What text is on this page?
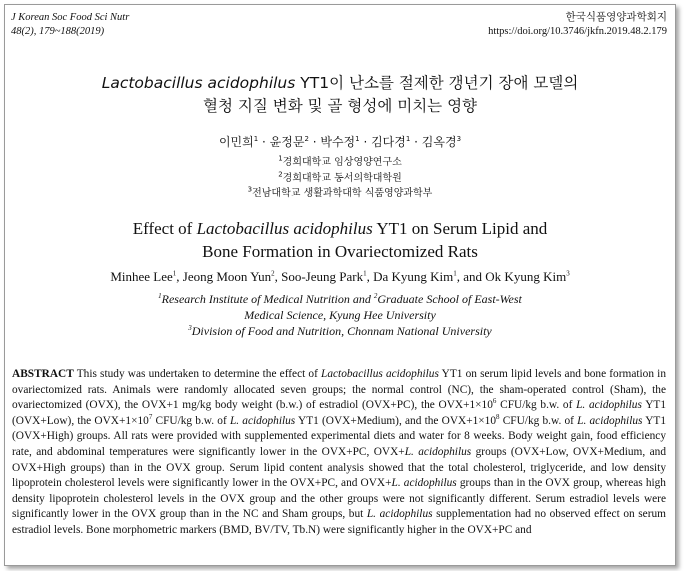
J Korean Soc Food Sci Nutr
48(2), 179~188(2019)
한국식품영양과학회지
https://doi.org/10.3746/jkfn.2019.48.2.179
Lactobacillus acidophilus YT1이 난소를 절제한 갱년기 장애 모델의
혈청 지질 변화 및 골 형성에 미치는 영향
이민희$^1$ · 윤정문$^2$ · 박수정$^1$ · 김다경$^1$ · 김옥경$^3$
$^1$경희대학교 임상영양연구소
$^2$경희대학교 동서의학대학원
$^3$전남대학교 생활과학대학 식품영양과학부
Effect of Lactobacillus acidophilus YT1 on Serum Lipid and
Bone Formation in Ovariectomized Rats
Minhee Lee$^1$, Jeong Moon Yun$^2$, Soo-Jeung Park$^1$, Da Kyung Kim$^1$, and Ok Kyung Kim$^3$
$^1$Research Institute of Medical Nutrition and $^2$Graduate School of East-West
Medical Science, Kyung Hee University
$^3$Division of Food and Nutrition, Chonnam National University
ABSTRACT This study was undertaken to determine the effect of Lactobacillus acidophilus YT1 on serum lipid levels and bone formation in ovariectomized rats. Animals were randomly allocated seven groups; the normal control (NC), the sham-operated control (Sham), the ovariectomized (OVX), the OVX+1 mg/kg body weight (b.w.) of estradiol (OVX+PC), the $OVX+1\times 10^6$ CFU/kg b.w. of L. acidophilus YT1 (OVX+Low), the $OVX+1\times 10^7$ CFU/kg b.w. of L. acidophilus YT1 (OVX+Medium), and the $OVX+1\times 10^8$ CFU/kg b.w. of L. acidophilus YT1 (OVX+High) groups. All rats were provided with supplemented experimental diets and water for 8 weeks. Body weight gain, food efficiency rate, and abdominal temperatures were significantly lower in the OVX+PC, OVX+L. acidophilus groups (OVX+Low, OVX+Medium, and OVX+High groups) than in the OVX group. Serum lipid content analysis showed that the total cholesterol, triglyceride, and low density lipoprotein cholesterol levels were significantly lower in the OVX+PC, and OVX+L. acidophilus groups than in the OVX group, whereas high density lipoprotein cholesterol levels in the OVX group and the other groups were not significantly different. Serum estradiol levels were significantly lower in the OVX group than in the NC and Sham groups, but L. acidophilus supplementation had no observed effect on serum estradiol levels. Bone morphometric markers (BMD, BV/TV, Tb.N) were significantly higher in the OVX+PC and
